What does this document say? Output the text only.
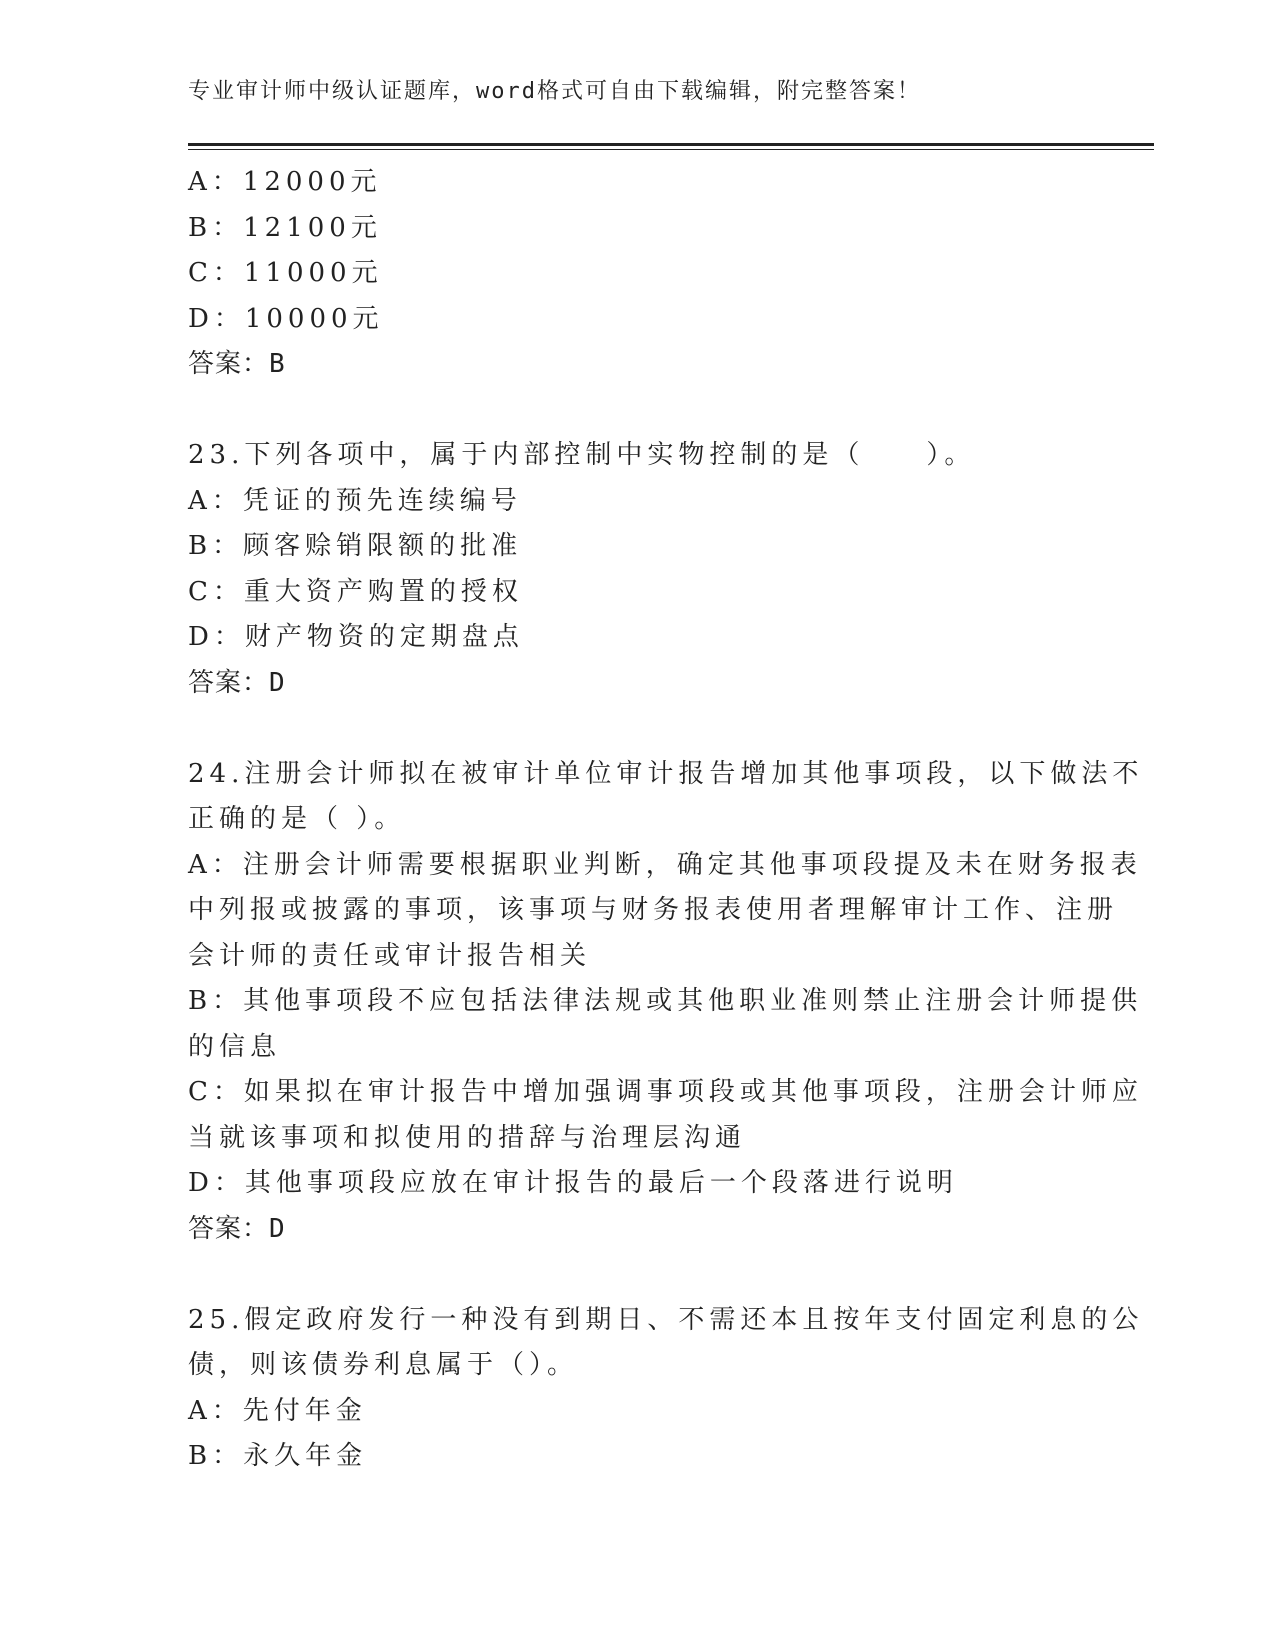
专业审计师中级认证题库，word格式可自由下载编辑，附完整答案！
A：12000元
B：12100元
C：11000元
D：10000元
答案：B
23.下列各项中，属于内部控制中实物控制的是（　　）。
A：凭证的预先连续编号
B：顾客赊销限额的批准
C：重大资产购置的授权
D：财产物资的定期盘点
答案：D
24.注册会计师拟在被审计单位审计报告增加其他事项段，以下做法不
正确的是（ ）。
A：注册会计师需要根据职业判断，确定其他事项段提及未在财务报表
中列报或披露的事项，该事项与财务报表使用者理解审计工作、注册
会计师的责任或审计报告相关
B：其他事项段不应包括法律法规或其他职业准则禁止注册会计师提供
的信息
C：如果拟在审计报告中增加强调事项段或其他事项段，注册会计师应
当就该事项和拟使用的措辞与治理层沟通
D：其他事项段应放在审计报告的最后一个段落进行说明
答案：D
25.假定政府发行一种没有到期日、不需还本且按年支付固定利息的公
债，则该债券利息属于（）。
A：先付年金
B：永久年金
